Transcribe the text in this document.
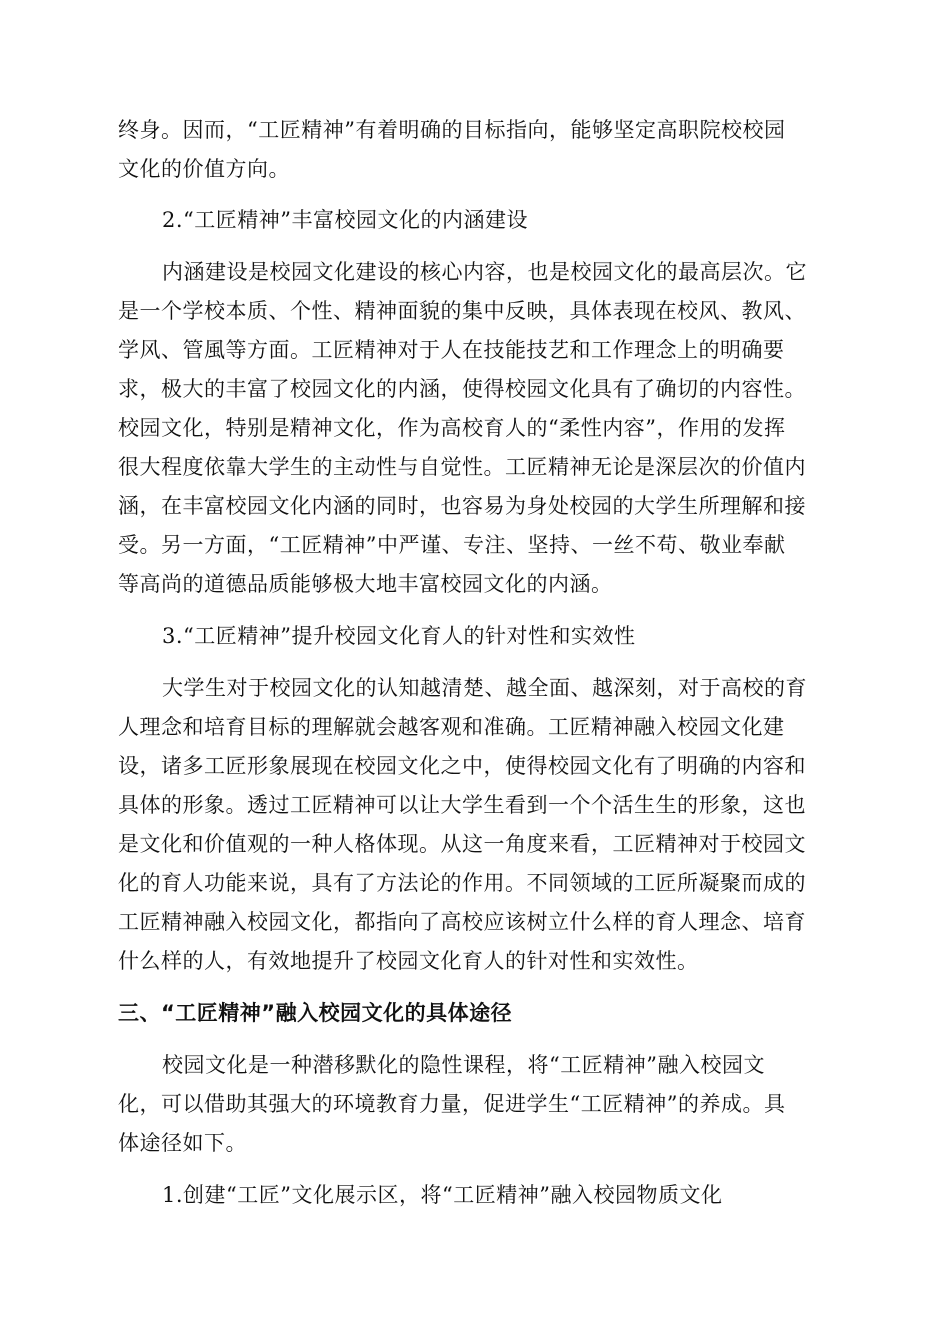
终身。因而，“工匠精神”有着明确的目标指向，能够坚定高职院校校园
文化的价值方向。
2.“工匠精神”丰富校园文化的内涵建设
内涵建设是校园文化建设的核心内容，也是校园文化的最高层次。它
是一个学校本质、个性、精神面貌的集中反映，具体表现在校风、教风、
学风、管風等方面。工匠精神对于人在技能技艺和工作理念上的明确要
求，极大的丰富了校园文化的内涵，使得校园文化具有了确切的内容性。
校园文化，特别是精神文化，作为高校育人的“柔性内容”，作用的发挥
很大程度依靠大学生的主动性与自觉性。工匠精神无论是深层次的价值内
涵，在丰富校园文化内涵的同时，也容易为身处校园的大学生所理解和接
受。另一方面，“工匠精神”中严谨、专注、坚持、一丝不苟、敬业奉献
等高尚的道德品质能够极大地丰富校园文化的内涵。
3.“工匠精神”提升校园文化育人的针对性和实效性
大学生对于校园文化的认知越清楚、越全面、越深刻，对于高校的育
人理念和培育目标的理解就会越客观和准确。工匠精神融入校园文化建
设，诸多工匠形象展现在校园文化之中，使得校园文化有了明确的内容和
具体的形象。透过工匠精神可以让大学生看到一个个活生生的形象，这也
是文化和价值观的一种人格体现。从这一角度来看，工匠精神对于校园文
化的育人功能来说，具有了方法论的作用。不同领域的工匠所凝聚而成的
工匠精神融入校园文化，都指向了高校应该树立什么样的育人理念、培育
什么样的人，有效地提升了校园文化育人的针对性和实效性。
三、“工匠精神”融入校园文化的具体途径
校园文化是一种潜移默化的隐性课程，将“工匠精神”融入校园文
化，可以借助其强大的环境教育力量，促进学生“工匠精神”的养成。具
体途径如下。
1.创建“工匠”文化展示区，将“工匠精神”融入校园物质文化
